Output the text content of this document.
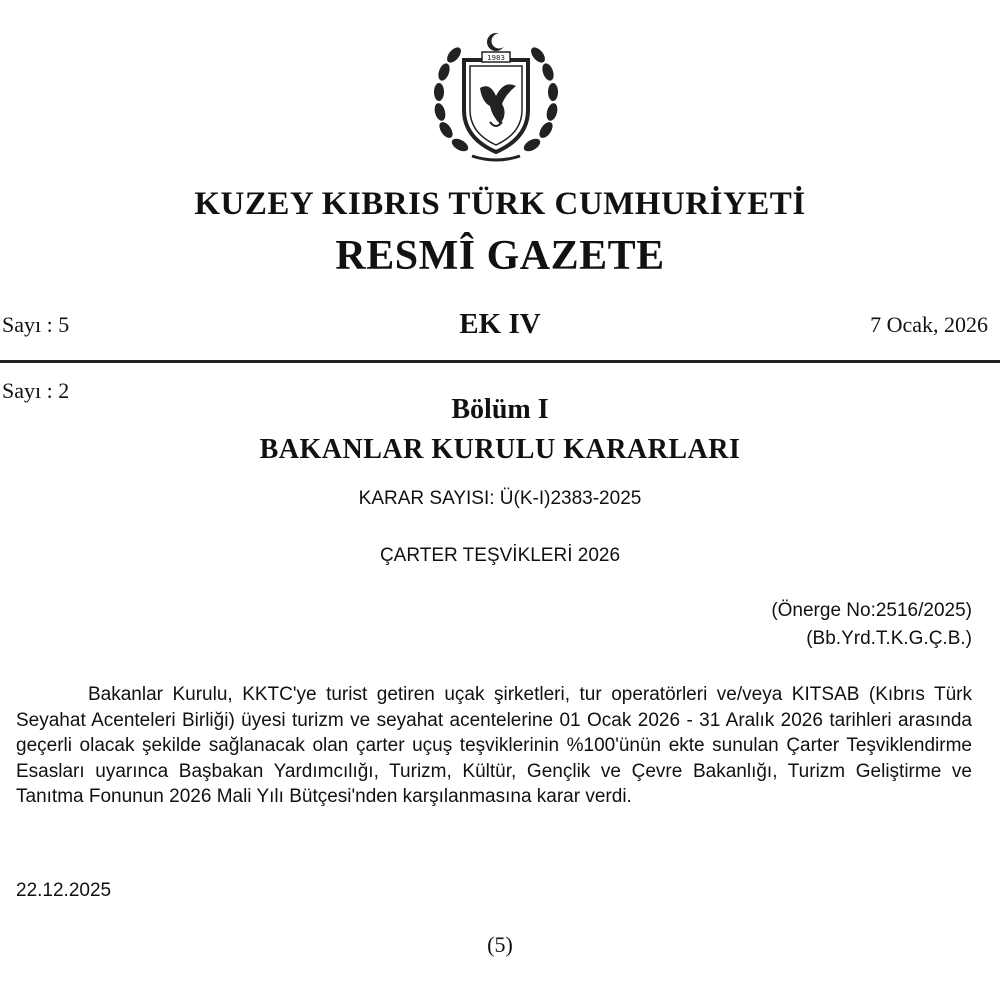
1983
KUZEY KIBRIS TÜRK CUMHURİYETİ
RESMÎ GAZETE
Sayı : 5	EK IV	7 Ocak, 2026
Sayı : 2
Bölüm I
BAKANLAR KURULU KARARLARI
KARAR SAYISI: Ü(K-I)2383-2025
ÇARTER TEŞVİKLERİ 2026
(Önerge No:2516/2025)
(Bb.Yrd.T.K.G.Ç.B.)
Bakanlar Kurulu, KKTC'ye turist getiren uçak şirketleri, tur operatörleri ve/veya KITSAB (Kıbrıs Türk Seyahat Acenteleri Birliği) üyesi turizm ve seyahat acentelerine 01 Ocak 2026 - 31 Aralık 2026 tarihleri arasında geçerli olacak şekilde sağlanacak olan çarter uçuş teşviklerinin %100'ünün ekte sunulan Çarter Teşviklendirme Esasları uyarınca Başbakan Yardımcılığı, Turizm, Kültür, Gençlik ve Çevre Bakanlığı, Turizm Geliştirme ve Tanıtma Fonunun 2026 Mali Yılı Bütçesi'nden karşılanmasına karar verdi.
22.12.2025
(5)
